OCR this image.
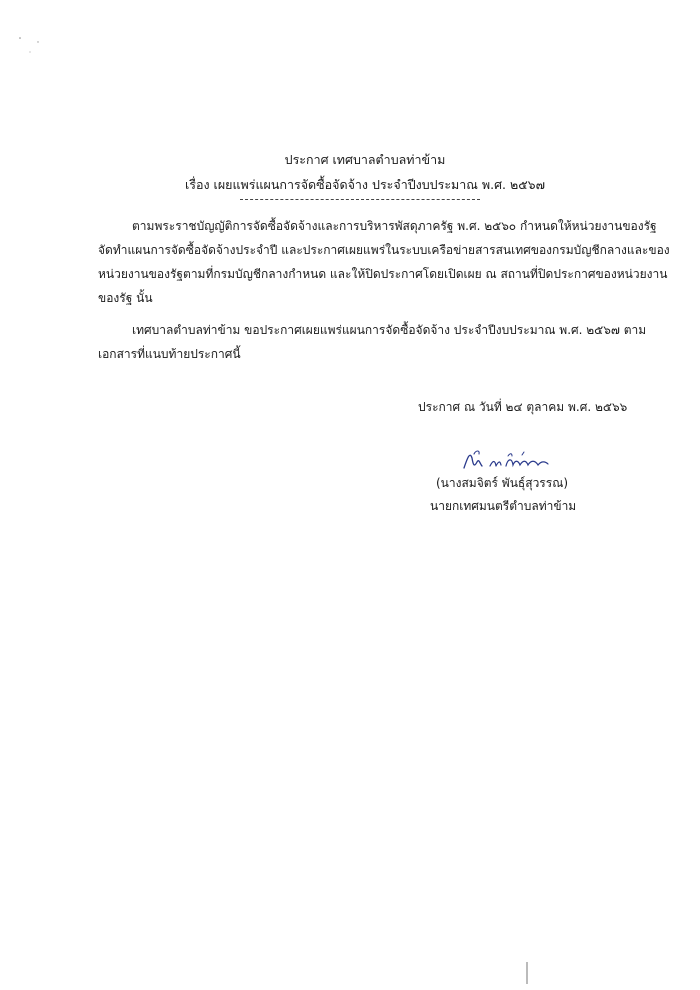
ประกาศ เทศบาลตำบลท่าข้าม
เรื่อง เผยแพร่แผนการจัดซื้อจัดจ้าง ประจำปีงบประมาณ พ.ศ. ๒๕๖๗
ตามพระราชบัญญัติการจัดซื้อจัดจ้างและการบริหารพัสดุภาครัฐ พ.ศ. ๒๕๖๐ กำหนดให้หน่วยงานของรัฐ
จัดทำแผนการจัดซื้อจัดจ้างประจำปี และประกาศเผยแพร่ในระบบเครือข่ายสารสนเทศของกรมบัญชีกลางและของ
หน่วยงานของรัฐตามที่กรมบัญชีกลางกำหนด และให้ปิดประกาศโดยเปิดเผย ณ สถานที่ปิดประกาศของหน่วยงาน
ของรัฐ นั้น
เทศบาลตำบลท่าข้าม ขอประกาศเผยแพร่แผนการจัดซื้อจัดจ้าง ประจำปีงบประมาณ พ.ศ. ๒๕๖๗ ตาม
เอกสารที่แนบท้ายประกาศนี้
ประกาศ ณ วันที่ ๒๔ ตุลาคม พ.ศ. ๒๕๖๖
(นางสมจิตร์ พันธุ์สุวรรณ)
นายกเทศมนตรีตำบลท่าข้าม
